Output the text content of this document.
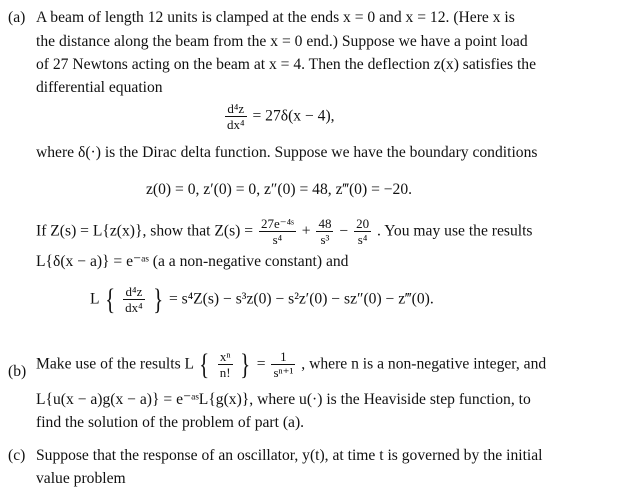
(a) A beam of length 12 units is clamped at the ends x = 0 and x = 12. (Here x is
the distance along the beam from the x = 0 end.) Suppose we have a point load
of 27 Newtons acting on the beam at x = 4. Then the deflection z(x) satisfies the
differential equation
$\frac{\text{d⁴z}}{\text{dx⁴}} = 27\delta(x - 4)$,
where δ(·) is the Dirac delta function. Suppose we have the boundary conditions
z(0) = 0, z′(0) = 0, z″(0) = 48, z‴(0) = −20.
If Z(s) = L{z(x)}, show that $Z(s) = \frac{\text{27e⁻⁴ˢ}}{\text{s⁴}} + \frac{48}{\text{s³}} - \frac{20}{\text{s⁴}}$ . You may use the results
L{δ(x − a)} = e⁻ᵃˢ (a a non-negative constant) and
L { $\frac{\text{d⁴z}}{\text{dx⁴}}$ } = s⁴Z(s) − s³z(0) − s²z′(0) − sz″(0) − z‴(0).
(b) Make use of the results L { $\frac{\text{xⁿ}}{n!}$ } = $\frac{1}{\text{sⁿ⁺¹}}$ , where n is a non-negative integer, and
L{u(x − a)g(x − a)} = e⁻ᵃˢL{g(x)}, where u(·) is the Heaviside step function, to
find the solution of the problem of part (a).
(c) Suppose that the response of an oscillator, y(t), at time t is governed by the initial
value problem
